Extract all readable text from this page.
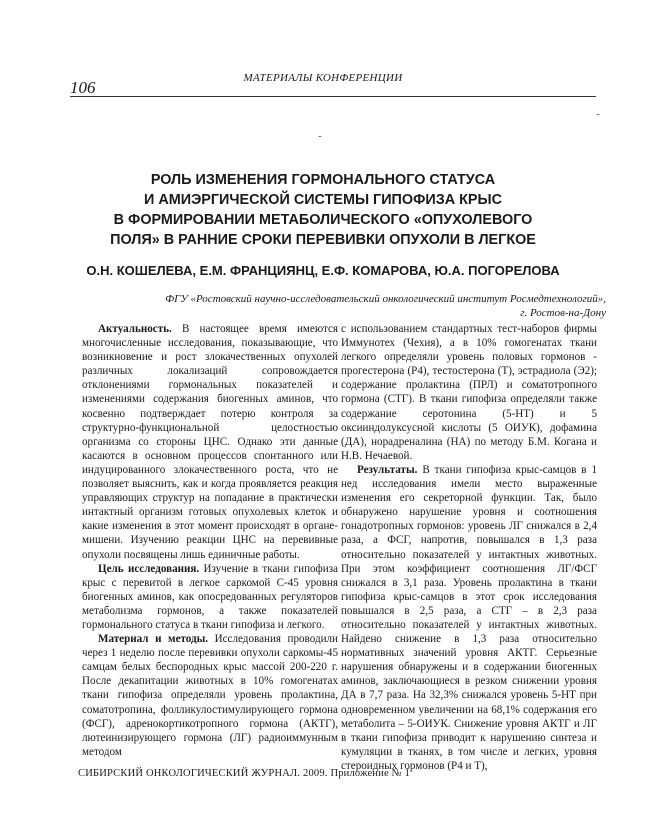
МАТЕРИАЛЫ КОНФЕРЕНЦИИ
106
-
-
РОЛЬ ИЗМЕНЕНИЯ ГОРМОНАЛЬНОГО СТАТУСА
И АМИЭРГИЧЕСКОЙ СИСТЕМЫ ГИПОФИЗА КРЫС
В ФОРМИРОВАНИИ МЕТАБОЛИЧЕСКОГО «ОПУХОЛЕВОГО
ПОЛЯ» В РАННИЕ СРОКИ ПЕРЕВИВКИ ОПУХОЛИ В ЛЕГКОЕ
О.Н. КОШЕЛЕВА, Е.М. ФРАНЦИЯНЦ, Е.Ф. КОМАРОВА, Ю.А. ПОГОРЕЛОВА
ФГУ «Ростовский научно-исследовательский онкологический институт Росмедтехнологий»,
г. Ростов-на-Дону

Актуальность. В настоящее время имеются многочисленные исследования, показывающие, что возникновение и рост злокачественных опухолей различных локализаций сопровождается отклонениями гормональных показателей и изменениями содержания биогенных аминов, что косвенно подтверждает потерю контроля за структурно-функциональной целостностью организма со стороны ЦНС. Однако эти данные касаются в основном процессов спонтанного или индуцированного злокачественного роста, что не позволяет выяснить, как и когда проявляется реакция управляющих структур на попадание в практически интактный организм готовых опухолевых клеток и какие изменения в этот момент происходят в органе-мишени. Изучению реакции ЦНС на перевивные опухоли посвящены лишь единичные работы.

Цель исследования. Изучение в ткани гипофиза крыс с перевитой в легкое саркомой С-45 уровня биогенных аминов, как опосредованных регуляторов метаболизма гормонов, а также показателей гормонального статуса в ткани гипофиза и легкого.

Материал и методы. Исследования проводили через 1 неделю после перевивки опухоли саркомы-45 самцам белых беспородных крыс массой 200-220 г. После декапитации животных в 10% гомогенатах ткани гипофиза определяли уровень пролактина, соматотропина, фолликулостимулирующего гормона (ФСГ), адренокортикотропного гормона (АКТГ), лютеинизирующего гормона (ЛГ) радиоиммунным методом

с использованием стандартных тест-наборов фирмы Иммунотех (Чехия), а в 10% гомогенатах ткани легкого определяли уровень половых гормонов - прогестерона (Р4), тестостерона (Т), эстрадиола (Э2); содержание пролактина (ПРЛ) и соматотропного гормона (СТГ). В ткани гипофиза определяли также содержание серотонина (5-НТ) и 5 оксииндолуксусной кислоты (5 ОИУК), дофамина (ДА), норадреналина (НА) по методу Б.М. Когана и Н.В. Нечаевой.

Результаты. В ткани гипофиза крыс-самцов в 1 нед исследования имели место выраженные изменения его секреторной функции. Так, было обнаружено нарушение уровня и соотношения гонадотропных гормонов: уровень ЛГ снижался в 2,4 раза, а ФСГ, напротив, повышался в 1,3 раза относительно показателей у интактных животных. При этом коэффициент соотношения ЛГ/ФСГ снижался в 3,1 раза. Уровень пролактина в ткани гипофиза крыс-самцов в этот срок исследования повышался в 2,5 раза, а СТГ – в 2,3 раза относительно показателей у интактных животных. Найдено снижение в 1,3 раза относительно нормативных значений уровня АКТГ. Серьезные нарушения обнаружены и в содержании биогенных аминов, заключающиеся в резком снижении уровня ДА в 7,7 раза. На 32,3% снижался уровень 5-НТ при одновременном увеличении на 68,1% содержания его метаболита – 5-ОИУК. Снижение уровня АКТГ и ЛГ в ткани гипофиза приводит к нарушению синтеза и кумуляции в тканях, в том числе и легких, уровня стероидных гормонов (Р4 и Т),

СИБИРСКИЙ ОНКОЛОГИЧЕСКИЙ ЖУРНАЛ. 2009. Приложение № 1
